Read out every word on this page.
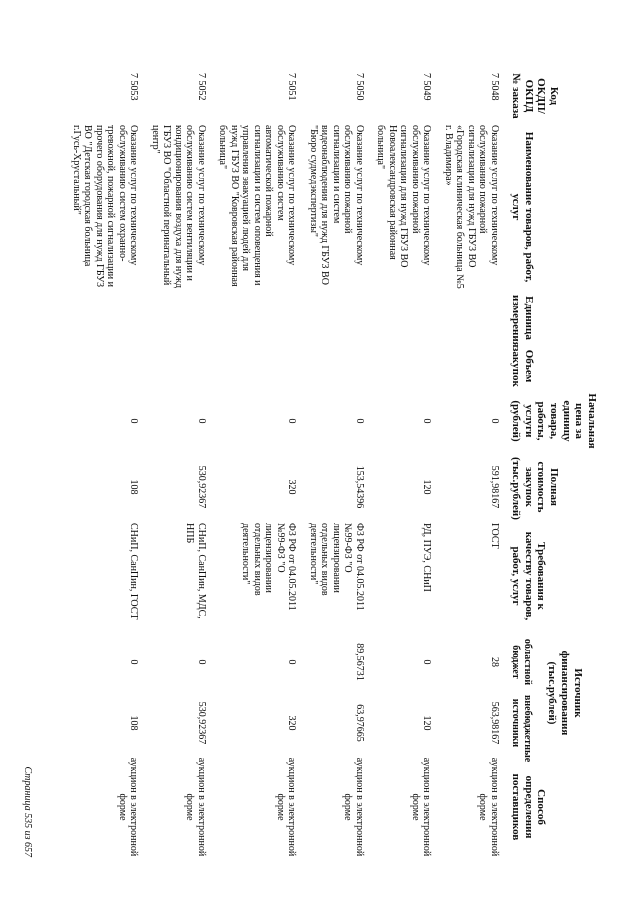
Код ОКДП/ ОКПД № заказа	Наименование товаров, работ, услуг	Единица измерения	Объем закупок	Начальная цена за единицу товара, работы, услуги (рублей)	Полная стоимость закупок (тыс.рублей)	Требования к качеству товаров, работ, услуг	Источник финансирования (тыс.рублей)		Способ определения поставщиков
							областной бюджет	внебюджетные источники	
7 5048	Оказание услуг по техническому обслуживанию пожарной сигнализации для нужд ГБУЗ ВО «Городская клиническая больница №5 г. Владимира»			0	591,98167	ГОСТ	28	563,98167	аукцион в электронной форме
7 5049	Оказание услуг по техническому обслуживанию пожарной сигнализации для нужд ГБУЗ ВО Новоалександровская районная больница"			0	120	РД, ПУЭ, СНиП	0	120	аукцион в электронной форме
7 5050	Оказание услуг по техническому обслуживанию пожарной сигнализации и систем видеонаблюдения для нужд ГБУЗ ВО "Бюро судмедэкспертизы"			0	153,54396	ФЗ РФ от 04.05.2011 №99-ФЗ "О лицензировании отдельных видов деятельности"	89,56731	63,97665	аукцион в электронной форме
7 5051	Оказание услуг по техническому обслуживанию систем автоматической пожарной сигнализации и систем оповещения и управления эвакуацией людей для нужд ГБУЗ ВО "Ковровская районная больница"			0	320	ФЗ РФ от 04.05.2011 №99-ФЗ "О лицензировании отдельных видов деятельности"	0	320	аукцион в электронной форме
7 5052	Оказание услуг по техническому обслуживанию систем вентиляции и кондиционирования воздуха для нужд ГБУЗ ВО "Областной перинатальный центр"			0	530,92367	СНиП, СанПин, МДС, НПБ	0	530,92367	аукцион в электронной форме
7 5053	Оказание услуг по техническому обслуживанию систем охранно-тревожной, пожарной сигнализации и прочего оборудования для нужд ГБУЗ ВО "Детская городская больница г.Гусь-Хрустальный"			0	108	СНиП, СанПин, ГОСТ	0	108	аукцион в электронной форме
Страница 535 из 657
